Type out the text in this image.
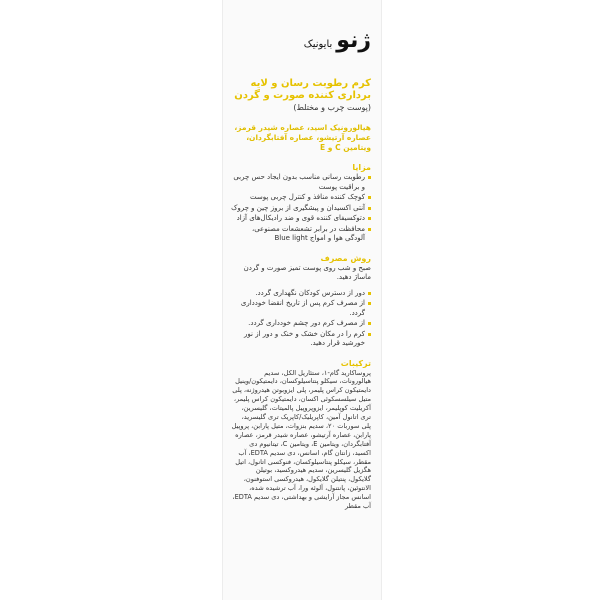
ژنو
بایونیک
کرم رطوبت رسان و لایه برداری کننده صورت و گردن
(پوست چرب و مختلط)
هیالورونیک اسید، عصاره شیدر قرمز، عصاره آرتیشو، عصاره آفتابگردان، ویتامین C و E
مزایا
رطوبت رسانی مناسب بدون ایجاد حس چربی و براقیت پوست
کوچک کننده منافذ و کنترل چربی پوست
آنتی اکسیدان و پیشگیری از بروز چین و چروک
دتوکسیفای کننده قوی و ضد رادیکال‌های آزاد
محافظت در برابر تشعشعات مصنوعی، آلودگی هوا و امواج Blue light
روش مصرف
صبح و شب روی پوست تمیز صورت و گردن ماساژ دهید.
دور از دسترس کودکان نگهداری گردد.
از مصرف کرم پس از تاریخ انقضا خودداری گردد.
از مصرف کرم دور چشم خودداری گردد.
کرم را در مکان خشک و خنک و دور از نور خورشید قرار دهید.
ترکیبات
پروساکارید گام-۱، ستئاریل الکل، سدیم هیالورونات، سیکلو پنتاسیلوکسان، دایمتیکون/وینیل دایمتیکون کراس پلیمر، پلی ایزوبوتن هیدروژنه، پلی متیل سیلسسکوئی اکسان، دایمتیکون کراس پلیمر، آکریلیت کوپلیمر، ایزوپروپیل پالمیتات، گلیسرین، تری اتانول آمین، کاپریلیک/کاپریک تری گلیسرید، پلی سوربات ۲۰، سدیم بنزوات، متیل پارابن، پروپیل پارابن، عصاره آرتیشو، عصاره شیدر قرمز، عصاره آفتابگردان، ویتامین E، ویتامین C، تیتانیوم دی اکسید، زانتان گام، اسانس، دی سدیم EDTA، آب مقطر، سیکلو پنتاسیلوکسان، فنوکسی اتانول، اتیل هگزیل گلیسرین، سدیم هیدروکسید، بوتیلن گلایکول، پنتیلن گلایکول، هیدروکسی استوفنون، الانتوئین، پانتنول، آلوئه ورا، آب ترشیده شده، اسانس مجاز آرایشی و بهداشتی، دی سدیم EDTA، آب مقطر
